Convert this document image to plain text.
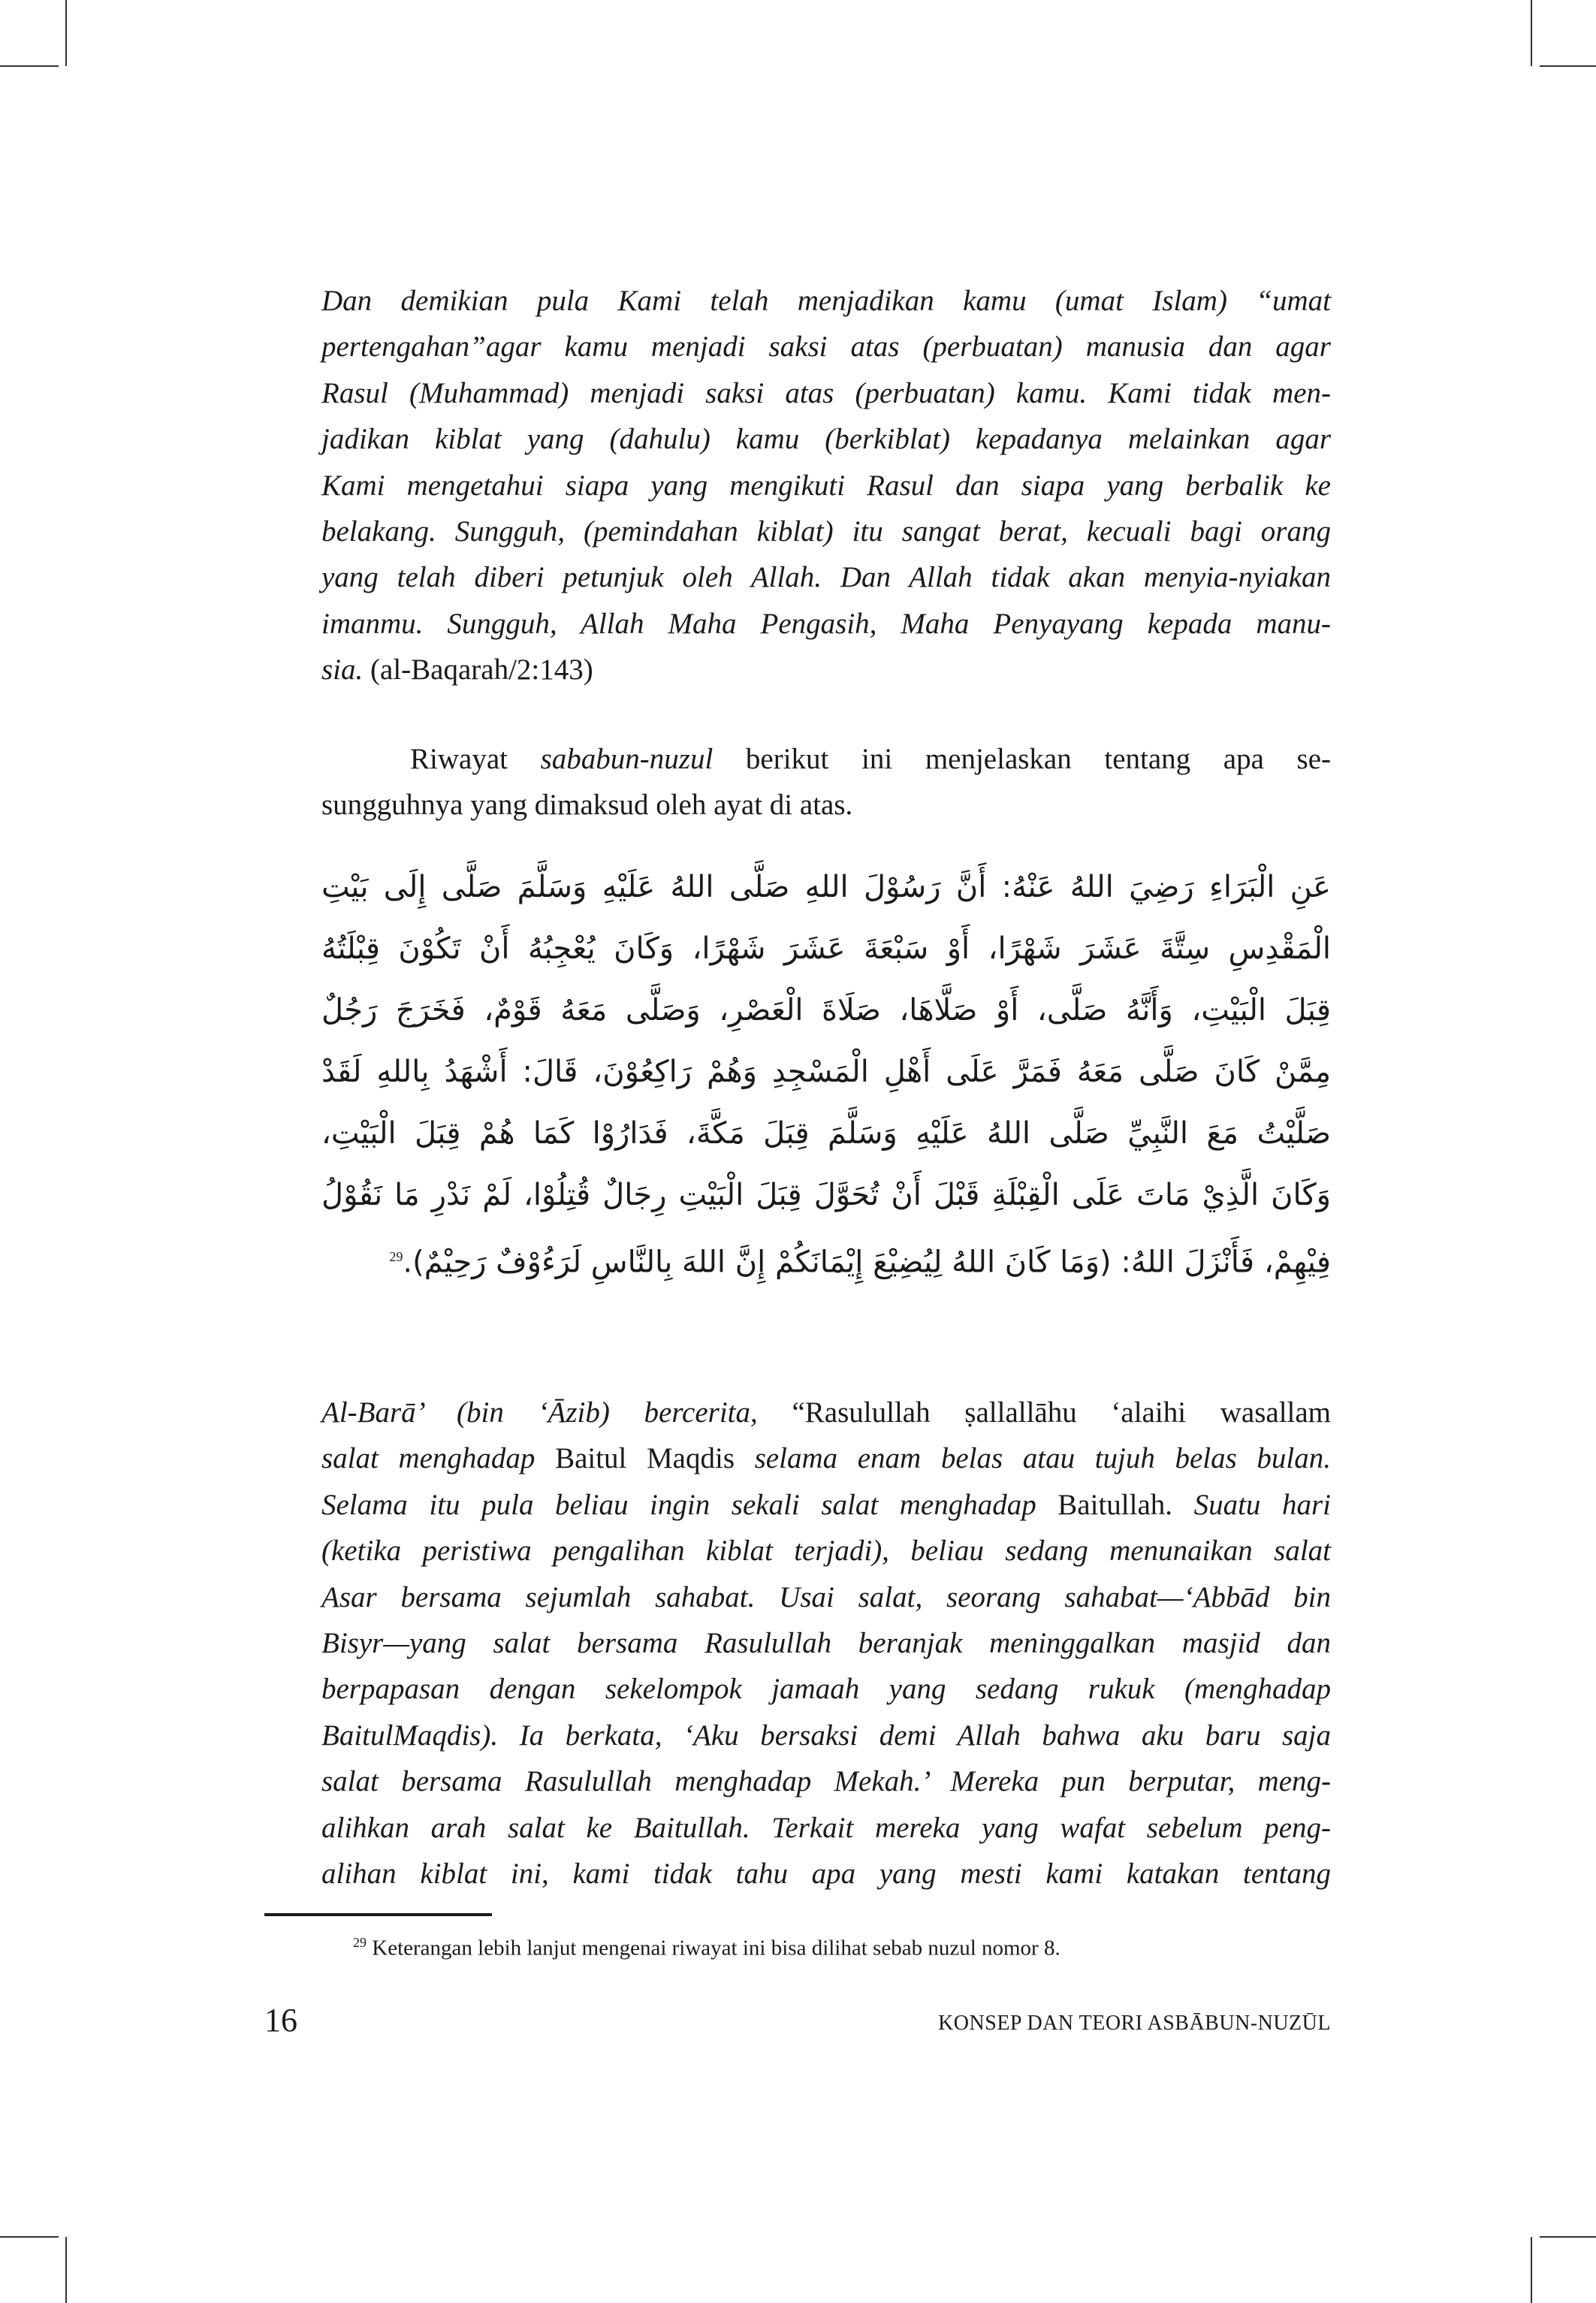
Dan demikian pula Kami telah menjadikan kamu (umat Islam) “umat
pertengahan”agar kamu menjadi saksi atas (perbuatan) manusia dan agar
Rasul (Muhammad) menjadi saksi atas (perbuatan) kamu. Kami tidak men-
jadikan kiblat yang (dahulu) kamu (berkiblat) kepadanya melainkan agar
Kami mengetahui siapa yang mengikuti Rasul dan siapa yang berbalik ke
belakang. Sungguh, (pemindahan kiblat) itu sangat berat, kecuali bagi orang
yang telah diberi petunjuk oleh Allah. Dan Allah tidak akan menyia-nyiakan
imanmu. Sungguh, Allah Maha Pengasih, Maha Penyayang kepada manu-
sia. (al-Baqarah/2:143)
Riwayat sababun-nuzul berikut ini menjelaskan tentang apa se-
sungguhnya yang dimaksud oleh ayat di atas.
عَنِ الْبَرَاءِ رَضِيَ اللهُ عَنْهُ: أَنَّ رَسُوْلَ اللهِ صَلَّى اللهُ عَلَيْهِ وَسَلَّمَ صَلَّى إِلَى بَيْتِ
الْمَقْدِسِ سِتَّةَ عَشَرَ شَهْرًا، أَوْ سَبْعَةَ عَشَرَ شَهْرًا، وَكَانَ يُعْجِبُهُ أَنْ تَكُوْنَ قِبْلَتُهُ
قِبَلَ الْبَيْتِ، وَأَنَّهُ صَلَّى، أَوْ صَلَّاهَا، صَلَاةَ الْعَصْرِ، وَصَلَّى مَعَهُ قَوْمٌ، فَخَرَجَ رَجُلٌ
مِمَّنْ كَانَ صَلَّى مَعَهُ فَمَرَّ عَلَى أَهْلِ الْمَسْجِدِ وَهُمْ رَاكِعُوْنَ، قَالَ: أَشْهَدُ بِاللهِ لَقَدْ
صَلَّيْتُ مَعَ النَّبِيِّ صَلَّى اللهُ عَلَيْهِ وَسَلَّمَ قِبَلَ مَكَّةَ، فَدَارُوْا كَمَا هُمْ قِبَلَ الْبَيْتِ،
وَكَانَ الَّذِيْ مَاتَ عَلَى الْقِبْلَةِ قَبْلَ أَنْ تُحَوَّلَ قِبَلَ الْبَيْتِ رِجَالٌ قُتِلُوْا، لَمْ نَدْرِ مَا نَقُوْلُ
فِيْهِمْ، فَأَنْزَلَ اللهُ: (وَمَا كَانَ اللهُ لِيُضِيْعَ إِيْمَانَكُمْ إِنَّ اللهَ بِالنَّاسِ لَرَءُوْفٌ رَحِيْمٌ).$^{29}$
Al-Barā’ (bin ‘Āzib) bercerita, “Rasulullah ṣallallāhu ‘alaihi wasallam
salat menghadap Baitul Maqdis selama enam belas atau tujuh belas bulan.
Selama itu pula beliau ingin sekali salat menghadap Baitullah. Suatu hari
(ketika peristiwa pengalihan kiblat terjadi), beliau sedang menunaikan salat
Asar bersama sejumlah sahabat. Usai salat, seorang sahabat—‘Abbād bin
Bisyr—yang salat bersama Rasulullah beranjak meninggalkan masjid dan
berpapasan dengan sekelompok jamaah yang sedang rukuk (menghadap
BaitulMaqdis). Ia berkata, ‘Aku bersaksi demi Allah bahwa aku baru saja
salat bersama Rasulullah menghadap Mekah.’ Mereka pun berputar, meng-
alihkan arah salat ke Baitullah. Terkait mereka yang wafat sebelum peng-
alihan kiblat ini, kami tidak tahu apa yang mesti kami katakan tentang
$^{29}$ Keterangan lebih lanjut mengenai riwayat ini bisa dilihat sebab nuzul nomor 8.
16	KONSEP DAN TEORI ASBĀBUN-NUZŪL
